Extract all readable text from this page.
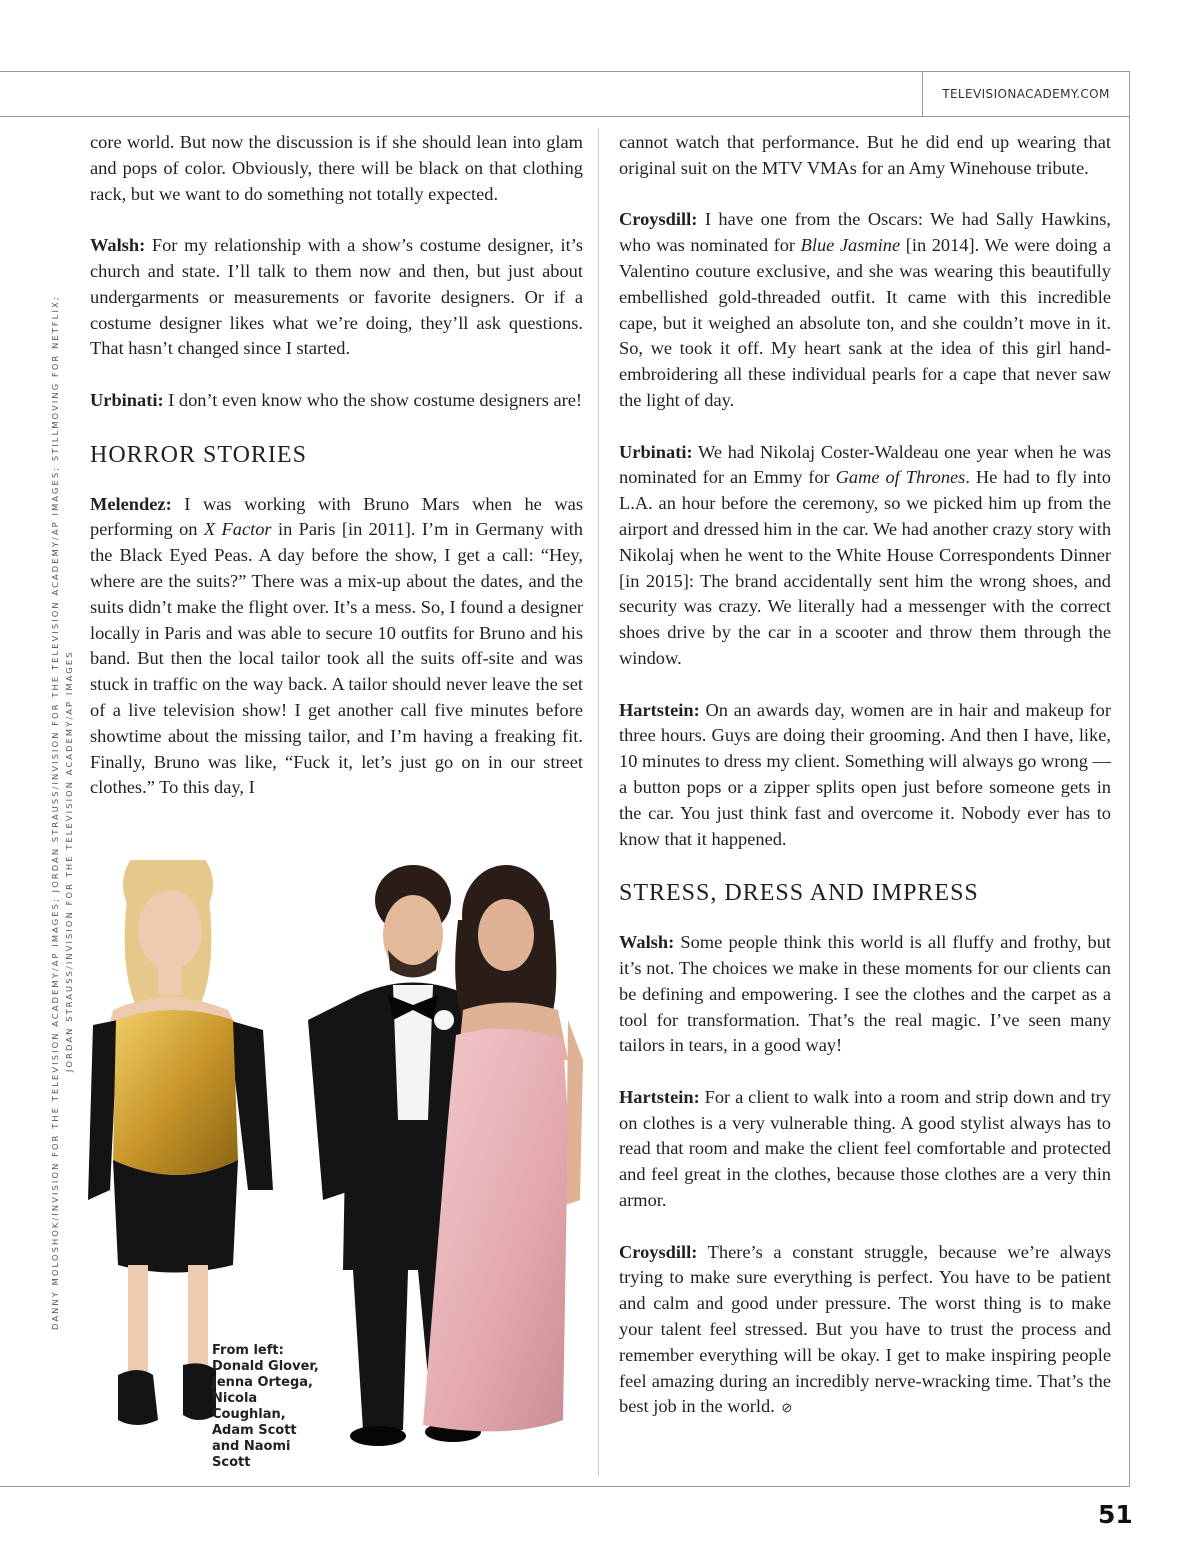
TELEVISIONACADEMY.COM
DANNY MOLOSHOK/INVISION FOR THE TELEVISION ACADEMY/AP IMAGES; JORDAN STRAUSS/INVISION FOR THE TELEVISION ACADEMY/AP IMAGES; STILLMOVING FOR NETFLIX; JORDAN STRAUSS/INVISION FOR THE TELEVISION ACADEMY/AP IMAGES

core world. But now the discussion is if she should lean into glam and pops of color. Obviously, there will be black on that clothing rack, but we want to do something not totally expected.

Walsh: For my relationship with a show’s costume designer, it’s church and state. I’ll talk to them now and then, but just about undergarments or measurements or favorite designers. Or if a costume designer likes what we’re doing, they’ll ask questions. That hasn’t changed since I started.

Urbinati: I don’t even know who the show costume designers are!

HORROR STORIES

Melendez: I was working with Bruno Mars when he was performing on X Factor in Paris [in 2011]. I’m in Germany with the Black Eyed Peas. A day before the show, I get a call: “Hey, where are the suits?” There was a mix-up about the dates, and the suits didn’t make the flight over. It’s a mess. So, I found a designer locally in Paris and was able to secure 10 outfits for Bruno and his band. But then the local tailor took all the suits off-site and was stuck in traffic on the way back. A tailor should never leave the set of a live television show! I get another call five minutes before showtime about the missing tailor, and I’m having a freaking fit. Finally, Bruno was like, “Fuck it, let’s just go on in our street clothes.” To this day, I

From left: Donald Glover, Jenna Ortega, Nicola Coughlan, Adam Scott and Naomi Scott

cannot watch that performance. But he did end up wearing that original suit on the MTV VMAs for an Amy Winehouse tribute.

Croysdill: I have one from the Oscars: We had Sally Hawkins, who was nominated for Blue Jasmine [in 2014]. We were doing a Valentino couture exclusive, and she was wearing this beautifully embellished gold-threaded outfit. It came with this incredible cape, but it weighed an absolute ton, and she couldn’t move in it. So, we took it off. My heart sank at the idea of this girl hand-embroidering all these individual pearls for a cape that never saw the light of day.

Urbinati: We had Nikolaj Coster-Waldeau one year when he was nominated for an Emmy for Game of Thrones. He had to fly into L.A. an hour before the ceremony, so we picked him up from the airport and dressed him in the car. We had another crazy story with Nikolaj when he went to the White House Correspondents Dinner [in 2015]: The brand accidentally sent him the wrong shoes, and security was crazy. We literally had a messenger with the correct shoes drive by the car in a scooter and throw them through the window.

Hartstein: On an awards day, women are in hair and makeup for three hours. Guys are doing their grooming. And then I have, like, 10 minutes to dress my client. Something will always go wrong — a button pops or a zipper splits open just before someone gets in the car. You just think fast and overcome it. Nobody ever has to know that it happened.

STRESS, DRESS AND IMPRESS

Walsh: Some people think this world is all fluffy and frothy, but it’s not. The choices we make in these moments for our clients can be defining and empowering. I see the clothes and the carpet as a tool for transformation. That’s the real magic. I’ve seen many tailors in tears, in a good way!

Hartstein: For a client to walk into a room and strip down and try on clothes is a very vulnerable thing. A good stylist always has to read that room and make the client feel comfortable and protected and feel great in the clothes, because those clothes are a very thin armor.

Croysdill: There’s a constant struggle, because we’re always trying to make sure everything is perfect. You have to be patient and calm and good under pressure. The worst thing is to make your talent feel stressed. But you have to trust the process and remember everything will be okay. I get to make inspiring people feel amazing during an incredibly nerve-wracking time. That’s the best job in the world. ⊘

51
